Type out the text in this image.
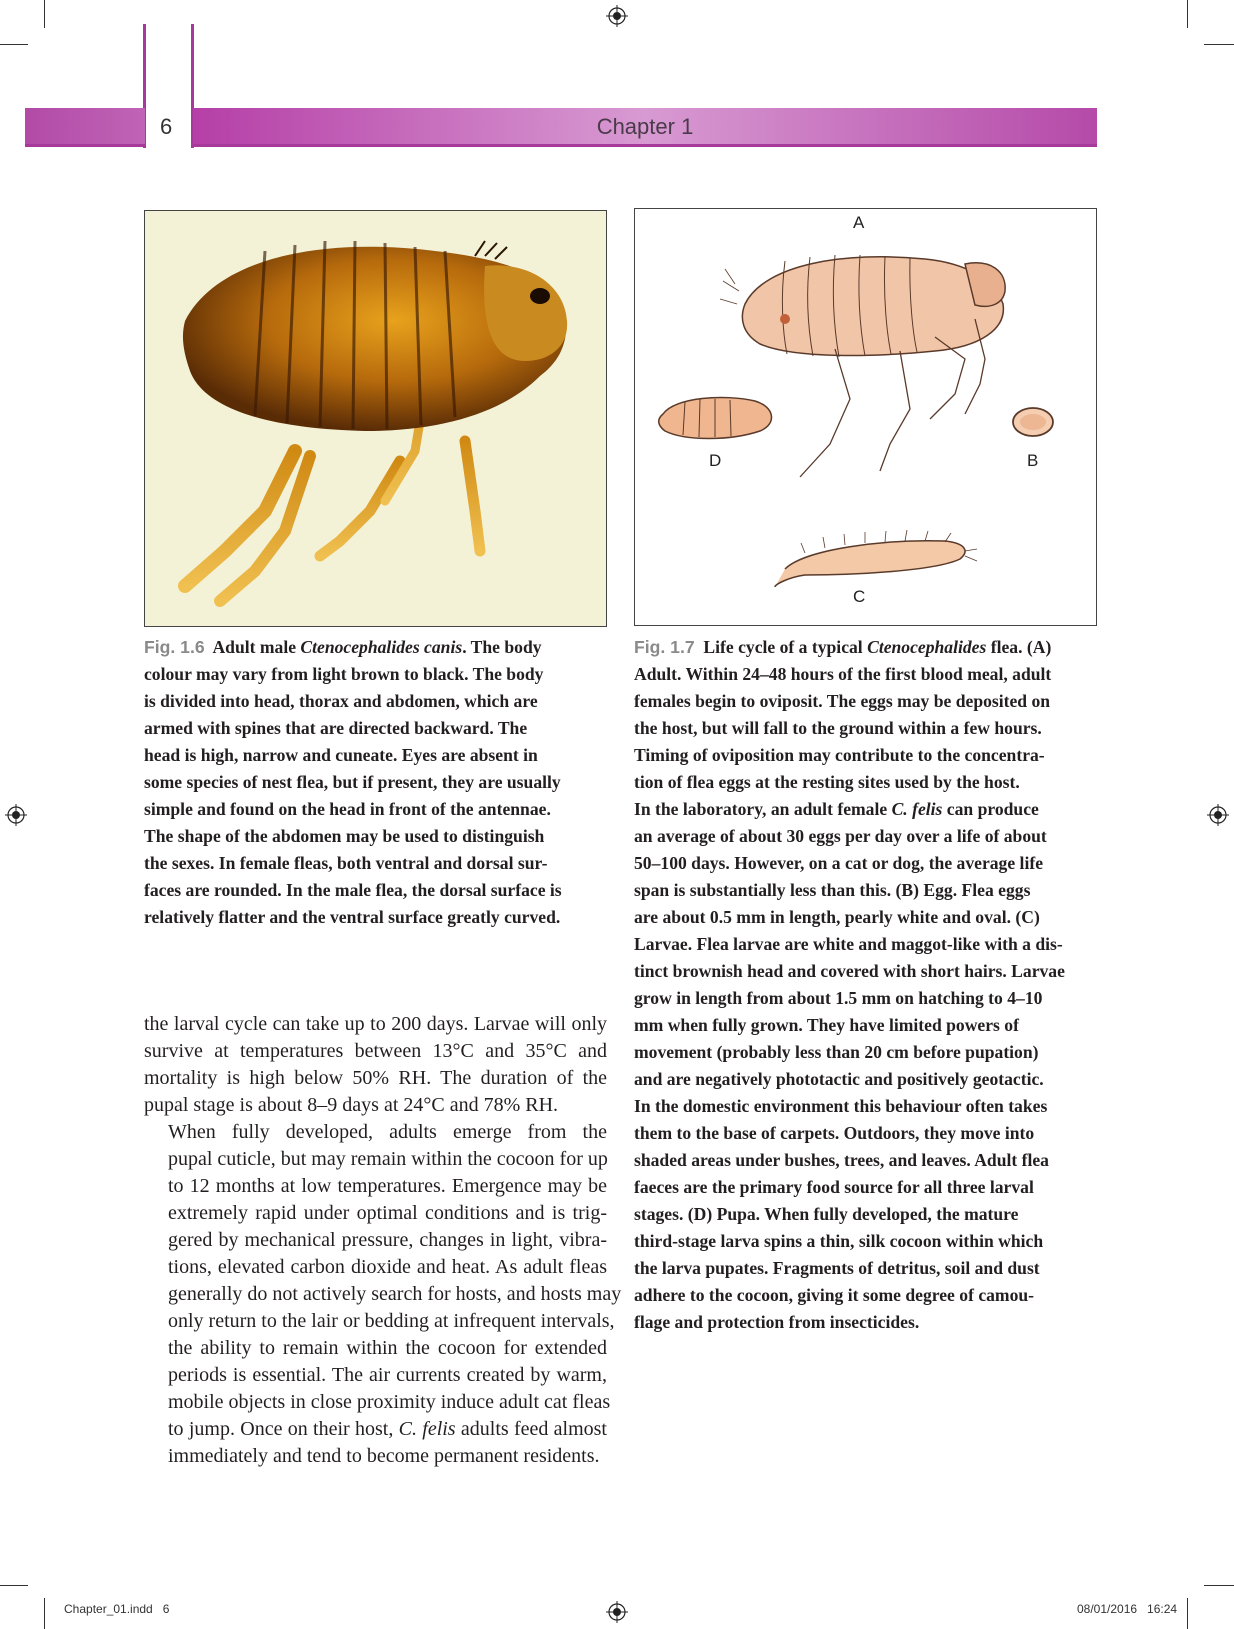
6	Chapter 1
A
D	B
C
Fig. 1.6  Adult male Ctenocephalides canis. The body
colour may vary from light brown to black. The body
is divided into head, thorax and abdomen, which are
armed with spines that are directed backward. The
head is high, narrow and cuneate. Eyes are absent in
some species of nest flea, but if present, they are usually
simple and found on the head in front of the antennae.
The shape of the abdomen may be used to distinguish
the sexes. In female fleas, both ventral and dorsal sur-
faces are rounded. In the male flea, the dorsal surface is
relatively flatter and the ventral surface greatly curved.
Fig. 1.7  Life cycle of a typical Ctenocephalides flea. (A)
Adult. Within 24–48 hours of the first blood meal, adult
females begin to oviposit. The eggs may be deposited on
the host, but will fall to the ground within a few hours.
Timing of oviposition may contribute to the concentra-
tion of flea eggs at the resting sites used by the host.
In the laboratory, an adult female C. felis can produce
an average of about 30 eggs per day over a life of about
50–100 days. However, on a cat or dog, the average life
span is substantially less than this. (B) Egg. Flea eggs
are about 0.5 mm in length, pearly white and oval. (C)
Larvae. Flea larvae are white and maggot-like with a dis-
tinct brownish head and covered with short hairs. Larvae
grow in length from about 1.5 mm on hatching to 4–10
mm when fully grown. They have limited powers of
movement (probably less than 20 cm before pupation)
and are negatively phototactic and positively geotactic.
In the domestic environment this behaviour often takes
them to the base of carpets. Outdoors, they move into
shaded areas under bushes, trees, and leaves. Adult flea
faeces are the primary food source for all three larval
stages. (D) Pupa. When fully developed, the mature
third-stage larva spins a thin, silk cocoon within which
the larva pupates. Fragments of detritus, soil and dust
adhere to the cocoon, giving it some degree of camou-
flage and protection from insecticides.
the larval cycle can take up to 200 days. Larvae will only
survive at temperatures between 13°C and 35°C and
mortality is high below 50% RH. The duration of the
pupal stage is about 8–9 days at 24°C and 78% RH.
When fully developed, adults emerge from the
pupal cuticle, but may remain within the cocoon for up
to 12 months at low temperatures. Emergence may be
extremely rapid under optimal conditions and is trig-
gered by mechanical pressure, changes in light, vibra-
tions, elevated carbon dioxide and heat. As adult fleas
generally do not actively search for hosts, and hosts may
only return to the lair or bedding at infrequent intervals,
the ability to remain within the cocoon for extended
periods is essential. The air currents created by warm,
mobile objects in close proximity induce adult cat fleas
to jump. Once on their host, C. felis adults feed almost
immediately and tend to become permanent residents.
Chapter_01.indd   6	08/01/2016   16:24
